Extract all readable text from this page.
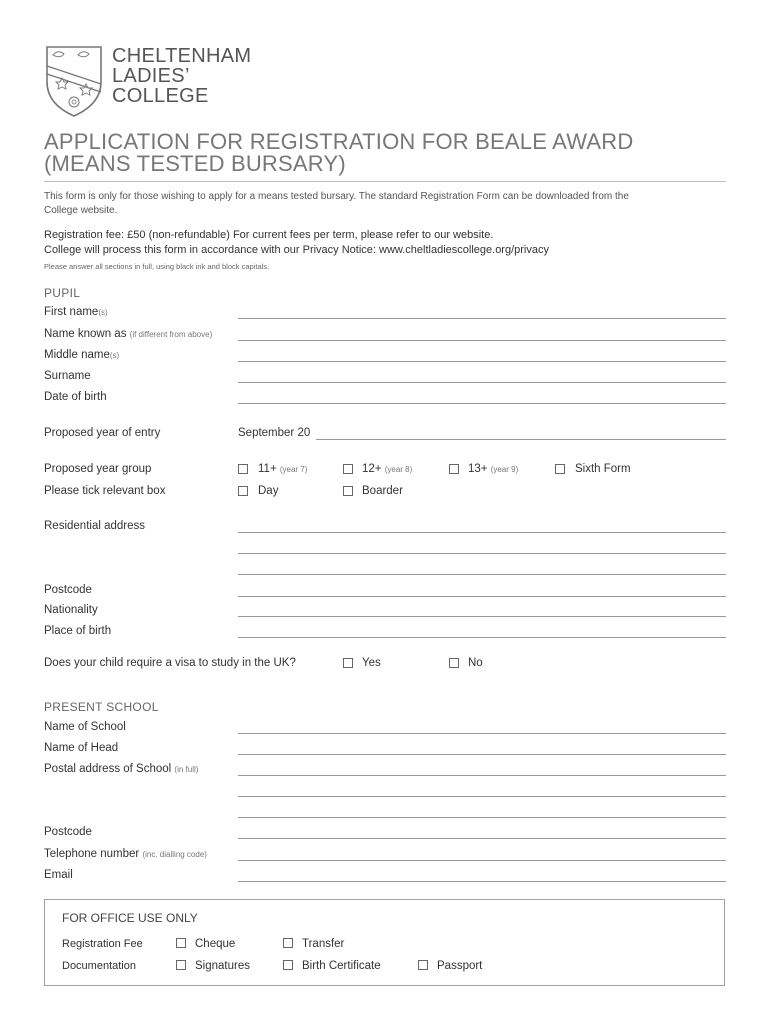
CHELTENHAM
LADIES’
COLLEGE
APPLICATION FOR REGISTRATION FOR BEALE AWARD
(MEANS TESTED BURSARY)
This form is only for those wishing to apply for a means tested bursary. The standard Registration Form can be downloaded from the
College website.
Registration fee: £50 (non-refundable) For current fees per term, please refer to our website.
College will process this form in accordance with our Privacy Notice: www.cheltladiescollege.org/privacy
Please answer all sections in full, using black ink and block capitals.
PUPIL
First name(s)
Name known as (if different from above)
Middle name(s)
Surname
Date of birth
Proposed year of entry	September 20
Proposed year group	11+ (year 7)	12+ (year 8)	13+ (year 9)	Sixth Form
Please tick relevant box	Day	Boarder
Residential address
Postcode
Nationality
Place of birth
Does your child require a visa to study in the UK?	Yes	No
PRESENT SCHOOL
Name of School
Name of Head
Postal address of School (in full)
Postcode
Telephone number (inc. dialling code)
Email
FOR OFFICE USE ONLY
Registration Fee	Cheque	Transfer
Documentation	Signatures	Birth Certificate	Passport
